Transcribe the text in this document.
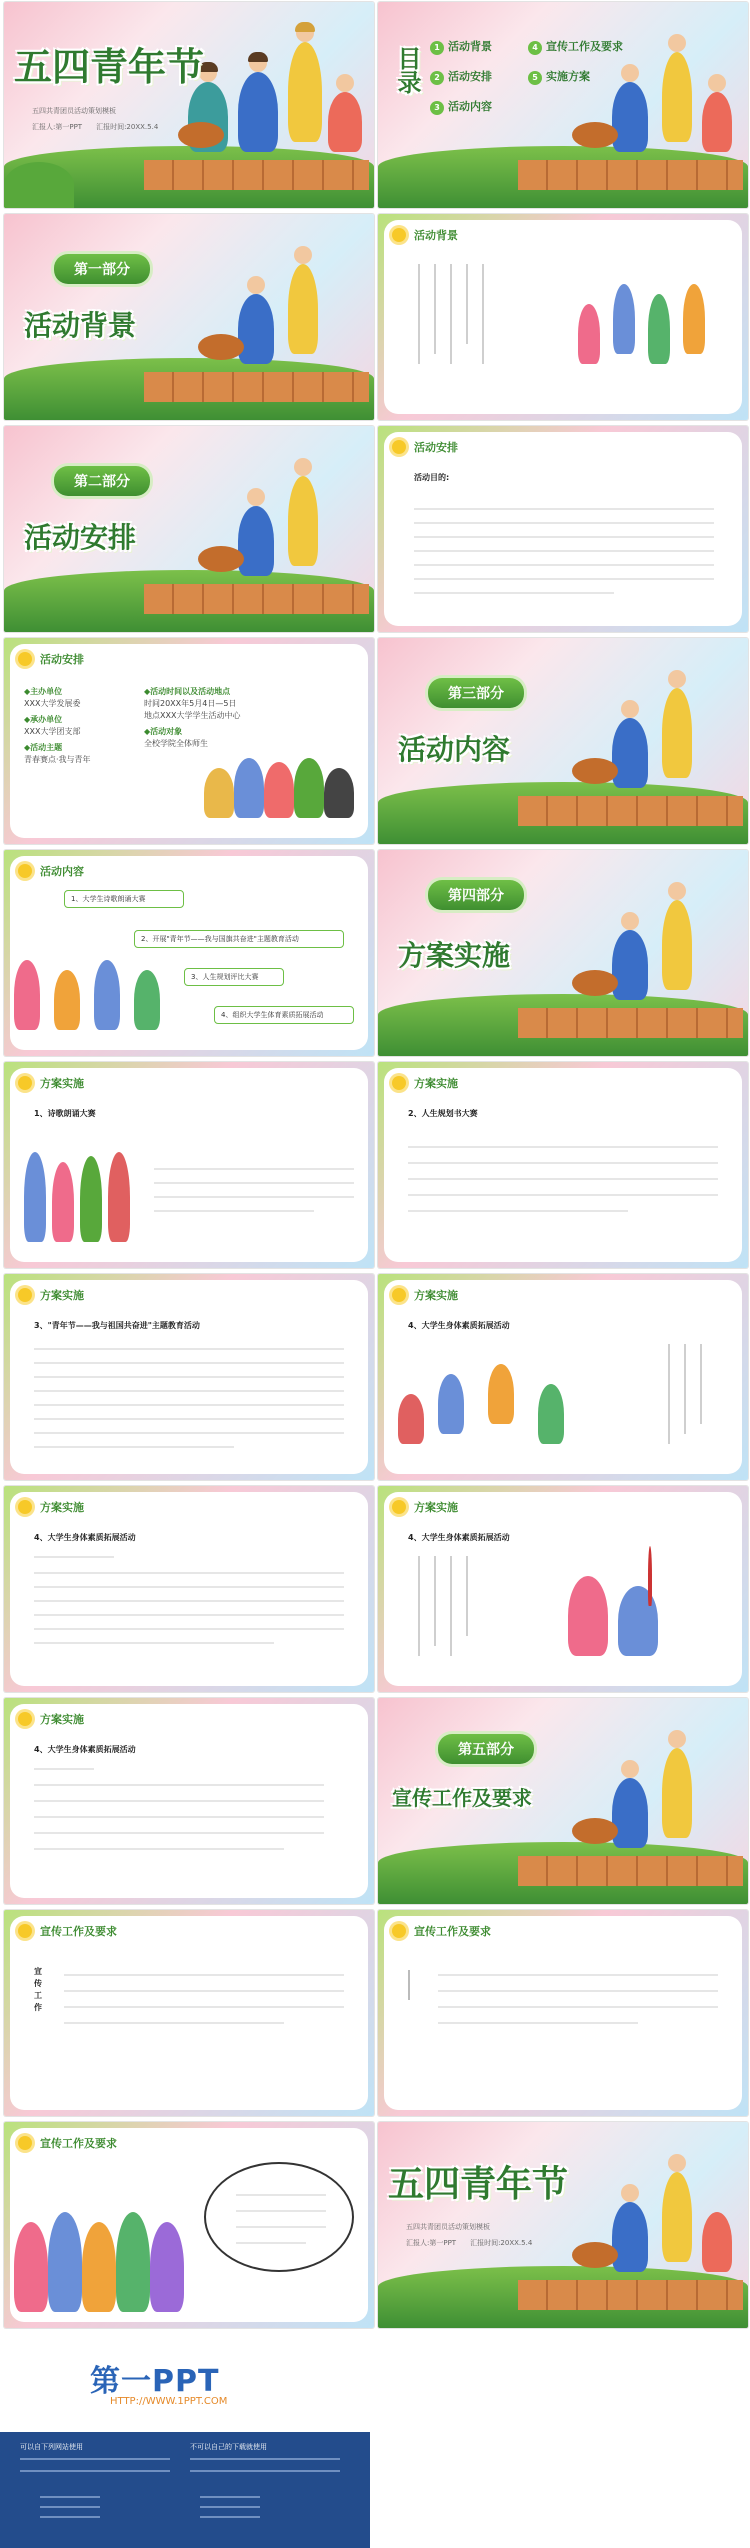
五四青年节
五四共青团员活动策划模板
汇报人:第一PPT　　汇报时间:20XX.5.4
目录	1 活动背景
2 活动安排
3 活动内容
4 宣传工作及要求
5 实施方案
第一部分
活动背景
活动背景
第二部分
活动安排
活动安排
活动目的:
活动安排
◆主办单位
XXX大学发展委
◆承办单位
XXX大学团支部
◆活动主题
青春赛点·我与青年
◆活动时间以及活动地点
时间20XX年5月4日—5日
地点XXX大学学生活动中心
◆活动对象
全校学院全体师生
第三部分
活动内容
活动内容
1、大学生诗歌朗诵大赛
2、开展"青年节——我与国旗共奋进"主题教育活动
3、人生规划评比大赛
4、组织大学生体育素质拓展活动
第四部分
方案实施
方案实施
1、诗歌朗诵大赛
方案实施
2、人生规划书大赛
方案实施
3、"青年节——我与祖国共奋进"主题教育活动
方案实施
4、大学生身体素质拓展活动
方案实施
4、大学生身体素质拓展活动
方案实施
4、大学生身体素质拓展活动
方案实施
4、大学生身体素质拓展活动	第五部分
宣传工作及要求
宣传工作及要求
宣传工作
宣传工作及要求
宣传工作及要求
五四青年节
五四共青团员活动策划模板
汇报人:第一PPT　　汇报时间:20XX.5.4
第一PPT
HTTP://WWW.1PPT.COM
可以自下列网站使用	不可以自己的下载就使用
